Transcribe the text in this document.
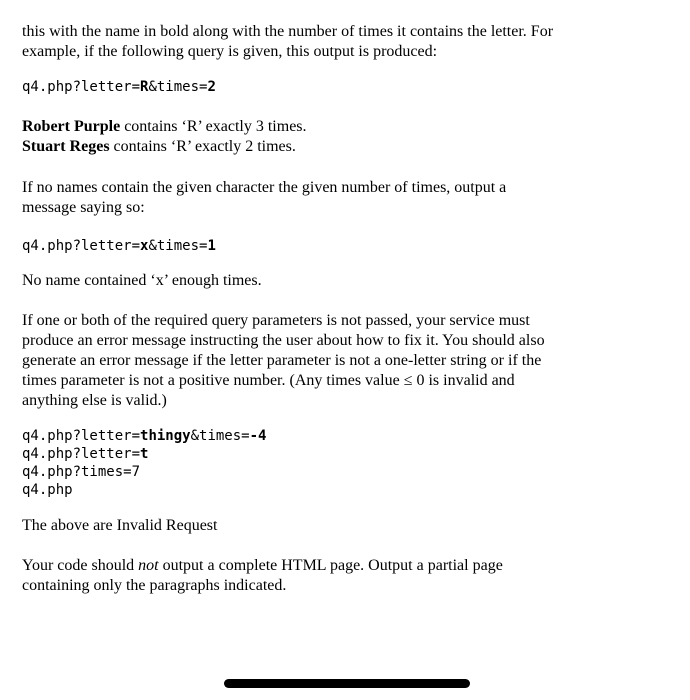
this with the name in bold along with the number of times it contains the letter. For
example, if the following query is given, this output is produced:
q4.php?letter=R&times=2
Robert Purple contains ‘R’ exactly 3 times.
Stuart Reges contains ‘R’ exactly 2 times.
If no names contain the given character the given number of times, output a
message saying so:
q4.php?letter=x&times=1
No name contained ‘x’ enough times.
If one or both of the required query parameters is not passed, your service must
produce an error message instructing the user about how to fix it. You should also
generate an error message if the letter parameter is not a one-letter string or if the
times parameter is not a positive number. (Any times value ≤ 0 is invalid and
anything else is valid.)
q4.php?letter=thingy&times=-4
q4.php?letter=t
q4.php?times=7
q4.php
The above are Invalid Request
Your code should not output a complete HTML page. Output a partial page
containing only the paragraphs indicated.
